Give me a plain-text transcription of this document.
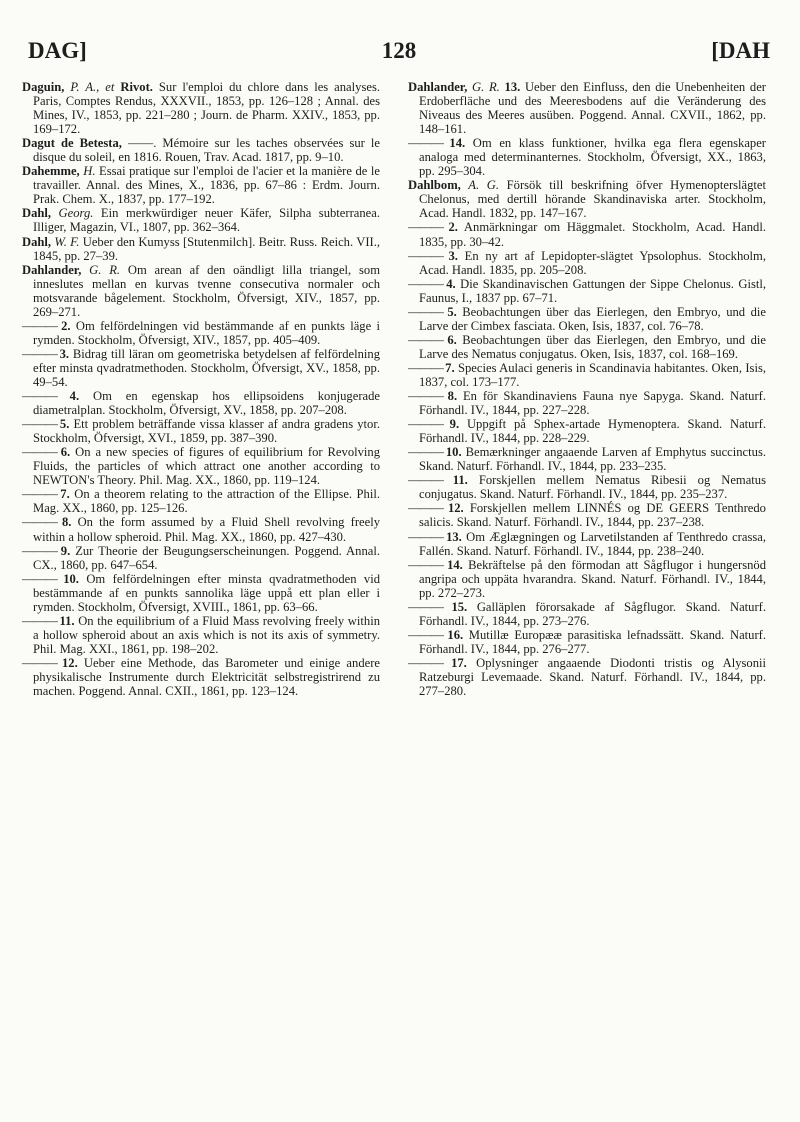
DAG]	128	[DAH

Daguin, P. A., et Rivot. Sur l'emploi du chlore dans les analyses. Paris, Comptes Rendus, XXXVII., 1853, pp. 126–128 ; Annal. des Mines, IV., 1853, pp. 221–280 ; Journ. de Pharm. XXIV., 1853, pp. 169–172.

Dagut de Betesta, ——. Mémoire sur les taches observées sur le disque du soleil, en 1816. Rouen, Trav. Acad. 1817, pp. 9–10.

Dahemme, H. Essai pratique sur l'emploi de l'acier et la manière de le travailler. Annal. des Mines, X., 1836, pp. 67–86 : Erdm. Journ. Prak. Chem. X., 1837, pp. 177–192.

Dahl, Georg. Ein merkwürdiger neuer Käfer, Silpha subterranea. Illiger, Magazin, VI., 1807, pp. 362–364.

Dahl, W. F. Ueber den Kumyss [Stutenmilch]. Beitr. Russ. Reich. VII., 1845, pp. 27–39.

Dahlander, G. R. Om arean af den oändligt lilla triangel, som inneslutes mellan en kurvas tvenne consecutiva normaler och motsvarande bågelement. Stockholm, Öfversigt, XIV., 1857, pp. 269–271.

——— 2. Om felfördelningen vid bestämmande af en punkts läge i rymden. Stockholm, Öfversigt, XIV., 1857, pp. 405–409.

——— 3. Bidrag till läran om geometriska betydelsen af felfördelning efter minsta qvadratmethoden. Stockholm, Öfversigt, XV., 1858, pp. 49–54.

——— 4. Om en egenskap hos ellipsoidens konjugerade diametralplan. Stockholm, Öfversigt, XV., 1858, pp. 207–208.

——— 5. Ett problem beträffande vissa klasser af andra gradens ytor. Stockholm, Öfversigt, XVI., 1859, pp. 387–390.

——— 6. On a new species of figures of equilibrium for Revolving Fluids, the particles of which attract one another according to NEWTON's Theory. Phil. Mag. XX., 1860, pp. 119–124.

——— 7. On a theorem relating to the attraction of the Ellipse. Phil. Mag. XX., 1860, pp. 125–126.

——— 8. On the form assumed by a Fluid Shell revolving freely within a hollow spheroid. Phil. Mag. XX., 1860, pp. 427–430.

——— 9. Zur Theorie der Beugungserscheinungen. Poggend. Annal. CX., 1860, pp. 647–654.

——— 10. Om felfördelningen efter minsta qvadratmethoden vid bestämmande af en punkts sannolika läge uppå ett plan eller i rymden. Stockholm, Öfversigt, XVIII., 1861, pp. 63–66.

——— 11. On the equilibrium of a Fluid Mass revolving freely within a hollow spheroid about an axis which is not its axis of symmetry. Phil. Mag. XXI., 1861, pp. 198–202.

——— 12. Ueber eine Methode, das Barometer und einige andere physikalische Instrumente durch Elektricität selbstregistrirend zu machen. Poggend. Annal. CXII., 1861, pp. 123–124.

Dahlander, G. R. 13. Ueber den Einfluss, den die Unebenheiten der Erdoberfläche und des Meeresbodens auf die Veränderung des Niveaus des Meeres ausüben. Poggend. Annal. CXVII., 1862, pp. 148–161.

——— 14. Om en klass funktioner, hvilka ega flera egenskaper analoga med determinanternes. Stockholm, Öfversigt, XX., 1863, pp. 295–304.

Dahlbom, A. G. Försök till beskrifning öfver Hymenopterslägtet Chelonus, med dertill hörande Skandinaviska arter. Stockholm, Acad. Handl. 1832, pp. 147–167.

——— 2. Anmärkningar om Häggmalet. Stockholm, Acad. Handl. 1835, pp. 30–42.

——— 3. En ny art af Lepidopter-slägtet Ypsolophus. Stockholm, Acad. Handl. 1835, pp. 205–208.

——— 4. Die Skandinavischen Gattungen der Sippe Chelonus. Gistl, Faunus, I., 1837 pp. 67–71.

——— 5. Beobachtungen über das Eierlegen, den Embryo, und die Larve der Cimbex fasciata. Oken, Isis, 1837, col. 76–78.

——— 6. Beobachtungen über das Eierlegen, den Embryo, und die Larve des Nematus conjugatus. Oken, Isis, 1837, col. 168–169.

——— 7. Species Aulaci generis in Scandinavia habitantes. Oken, Isis, 1837, col. 173–177.

——— 8. En för Skandinaviens Fauna nye Sapyga. Skand. Naturf. Förhandl. IV., 1844, pp. 227–228.

——— 9. Uppgift på Sphex-artade Hymenoptera. Skand. Naturf. Förhandl. IV., 1844, pp. 228–229.

——— 10. Bemærkninger angaaende Larven af Emphytus succinctus. Skand. Naturf. Förhandl. IV., 1844, pp. 233–235.

——— 11. Forskjellen mellem Nematus Ribesii og Nematus conjugatus. Skand. Naturf. Förhandl. IV., 1844, pp. 235–237.

——— 12. Forskjellen mellem LINNÉS og DE GEERS Tenthredo salicis. Skand. Naturf. Förhandl. IV., 1844, pp. 237–238.

——— 13. Om Æglægningen og Larvetilstanden af Tenthredo crassa, Fallén. Skand. Naturf. Förhandl. IV., 1844, pp. 238–240.

——— 14. Bekräftelse på den förmodan att Sågflugor i hungersnöd angripa och uppäta hvarandra. Skand. Naturf. Förhandl. IV., 1844, pp. 272–273.

——— 15. Galläplen förorsakade af Sågflugor. Skand. Naturf. Förhandl. IV., 1844, pp. 273–276.

——— 16. Mutillæ Europææ parasitiska lefnadssätt. Skand. Naturf. Förhandl. IV., 1844, pp. 276–277.

——— 17. Oplysninger angaaende Diodonti tristis og Alysonii Ratzeburgi Levemaade. Skand. Naturf. Förhandl. IV., 1844, pp. 277–280.
